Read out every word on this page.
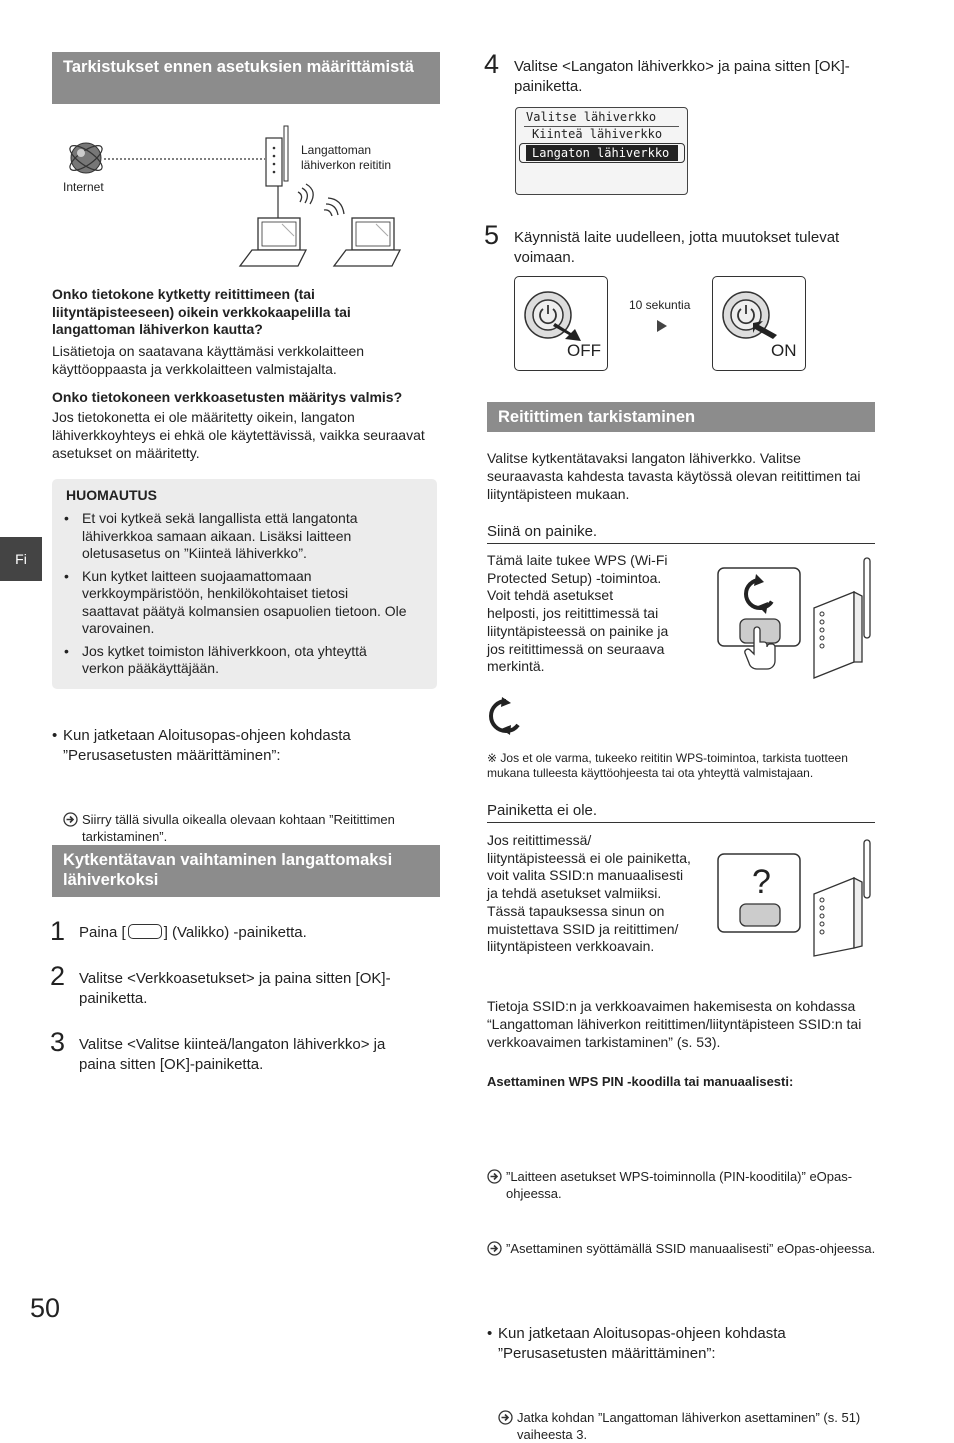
Tarkistukset ennen asetuksien määrittämistä
Internet
Langattoman
lähiverkon reititin
Onko tietokone kytketty reitittimeen (tai liityntäpisteeseen) oikein verkkokaapelilla tai langattoman lähiverkon kautta?
Lisätietoja on saatavana käyttämäsi verkkolaitteen käyttöoppaasta ja verkkolaitteen valmistajalta.
Onko tietokoneen verkkoasetusten määritys valmis?
Jos tietokonetta ei ole määritetty oikein, langaton lähiverkkoyhteys ei ehkä ole käytettävissä, vaikka seuraavat asetukset on määritetty.
HUOMAUTUS
• Et voi kytkeä sekä langallista että langatonta lähiverkkoa samaan aikaan. Lisäksi laitteen oletusasetus on ”Kiinteä lähiverkko”.
• Kun kytket laitteen suojaamattomaan verkkoympäristöön, henkilökohtaiset tietosi saattavat päätyä kolmansien osapuolien tietoon. Ole varovainen.
• Jos kytket toimiston lähiverkkoon, ota yhteyttä verkon pääkäyttäjään.
• Kun jatketaan Aloitusopas-ohjeen kohdasta ”Perusasetusten määrittäminen”:
Siirry tällä sivulla oikealla olevaan kohtaan ”Reitittimen tarkistaminen”.
Kytkentätavan vaihtaminen langattomaksi lähiverkoksi
1 Paina [	] (Valikko) -painiketta.
2 Valitse <Verkkoasetukset> ja paina sitten [OK]-painiketta.
3 Valitse <Valitse kiinteä/langaton lähiverkko> ja paina sitten [OK]-painiketta.
Fi
50
4 Valitse <Langaton lähiverkko> ja paina sitten [OK]-painiketta.
Valitse lähiverkko
Kiinteä lähiverkko
Langaton lähiverkko
5 Käynnistä laite uudelleen, jotta muutokset tulevat voimaan.
OFF
10 sekuntia
ON
Reitittimen tarkistaminen
Valitse kytkentätavaksi langaton lähiverkko. Valitse seuraavasta kahdesta tavasta käytössä olevan reitittimen tai liityntäpisteen mukaan.
Siinä on painike.
Tämä laite tukee WPS (Wi-Fi Protected Setup) -toimintoa. Voit tehdä asetukset helposti, jos reitittimessä tai liityntäpisteessä on painike ja jos reitittimessä on seuraava merkintä.
※ Jos et ole varma, tukeeko reititin WPS-toimintoa, tarkista tuotteen mukana tulleesta käyttöohjeesta tai ota yhteyttä valmistajaan.
Painiketta ei ole.
Jos reitittimessä/ liityntäpisteessä ei ole painiketta, voit valita SSID:n manuaalisesti ja tehdä asetukset valmiiksi. Tässä tapauksessa sinun on muistettava SSID ja reitittimen/ liityntäpisteen verkkoavain.
?
Tietoja SSID:n ja verkkoavaimen hakemisesta on kohdassa “Langattoman lähiverkon reitittimen/liityntäpisteen SSID:n tai verkkoavaimen tarkistaminen” (s. 53).
Asettaminen WPS PIN -koodilla tai manuaalisesti:
”Laitteen asetukset WPS-toiminnolla (PIN-kooditila)” eOpas-ohjeessa.
”Asettaminen syöttämällä SSID manuaalisesti” eOpas-ohjeessa.
• Kun jatketaan Aloitusopas-ohjeen kohdasta ”Perusasetusten määrittäminen”:
Jatka kohdan ”Langattoman lähiverkon asettaminen” (s. 51) vaiheesta 3.
